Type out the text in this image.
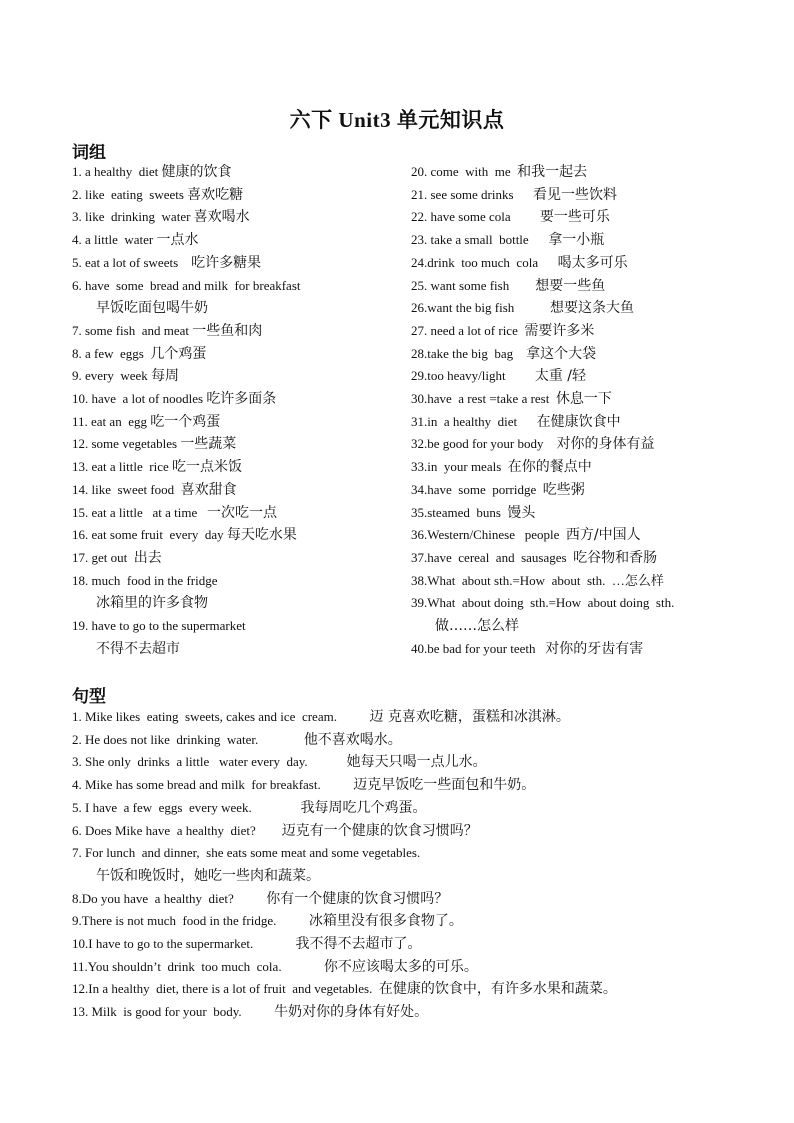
六下 Unit3 单元知识点
词组
1. a healthy  diet 健康的饮食
2. like  eating  sweets 喜欢吃糖
3. like  drinking  water 喜欢喝水
4. a little  water 一点水
5. eat a lot of sweets    吃许多糖果
6. have  some  bread and milk  for breakfast
早饭吃面包喝牛奶
7. some fish  and meat 一些鱼和肉
8. a few  eggs  几个鸡蛋
9. every  week 每周
10. have  a lot of noodles 吃许多面条
11. eat an  egg 吃一个鸡蛋
12. some vegetables 一些蔬菜
13. eat a little  rice 吃一点米饭
14. like  sweet food  喜欢甜食
15. eat a little   at a time   一次吃一点
16. eat some fruit  every  day 每天吃水果
17. get out  出去
18. much  food in the fridge
冰箱里的许多食物
19. have to go to the supermarket
不得不去超市
20. come  with  me  和我一起去
21. see some drinks      看见一些饮料
22. have some cola         要一些可乐
23. take a small  bottle      拿一小瓶
24.drink  too much  cola      喝太多可乐
25. want some fish        想要一些鱼
26.want the big fish           想要这条大鱼
27. need a lot of rice  需要许多米
28.take the big  bag    拿这个大袋
29.too heavy/light         太重 /轻
30.have  a rest =take a rest  休息一下
31.in  a healthy  diet      在健康饮食中
32.be good for your body    对你的身体有益
33.in  your meals  在你的餐点中
34.have  some  porridge  吃些粥
35.steamed  buns  馒头
36.Western/Chinese   people  西方/中国人
37.have  cereal  and  sausages  吃谷物和香肠
38.What  about sth.=How  about  sth.  …怎么样
39.What  about doing  sth.=How  about doing  sth.
做……怎么样
40.be bad for your teeth   对你的牙齿有害
句型
1. Mike likes  eating  sweets, cakes and ice  cream.          迈 克喜欢吃糖，蛋糕和冰淇淋。
2. He does not like  drinking  water.              他不喜欢喝水。
3. She only  drinks  a little   water every  day.            她每天只喝一点儿水。
4. Mike has some bread and milk  for breakfast.          迈克早饭吃一些面包和牛奶。
5. I have  a few  eggs  every week.               我每周吃几个鸡蛋。
6. Does Mike have  a healthy  diet?        迈克有一个健康的饮食习惯吗？
7. For lunch  and dinner,  she eats some meat and some vegetables.
午饭和晚饭时，她吃一些肉和蔬菜。
8.Do you have  a healthy  diet?          你有一个健康的饮食习惯吗？
9.There is not much  food in the fridge.          冰箱里没有很多食物了。
10.I have to go to the supermarket.             我不得不去超市了。
11.You shouldn’t  drink  too much  cola.             你不应该喝太多的可乐。
12.In a healthy  diet, there is a lot of fruit  and vegetables.  在健康的饮食中，有许多水果和蔬菜。
13. Milk  is good for your  body.          牛奶对你的身体有好处。
